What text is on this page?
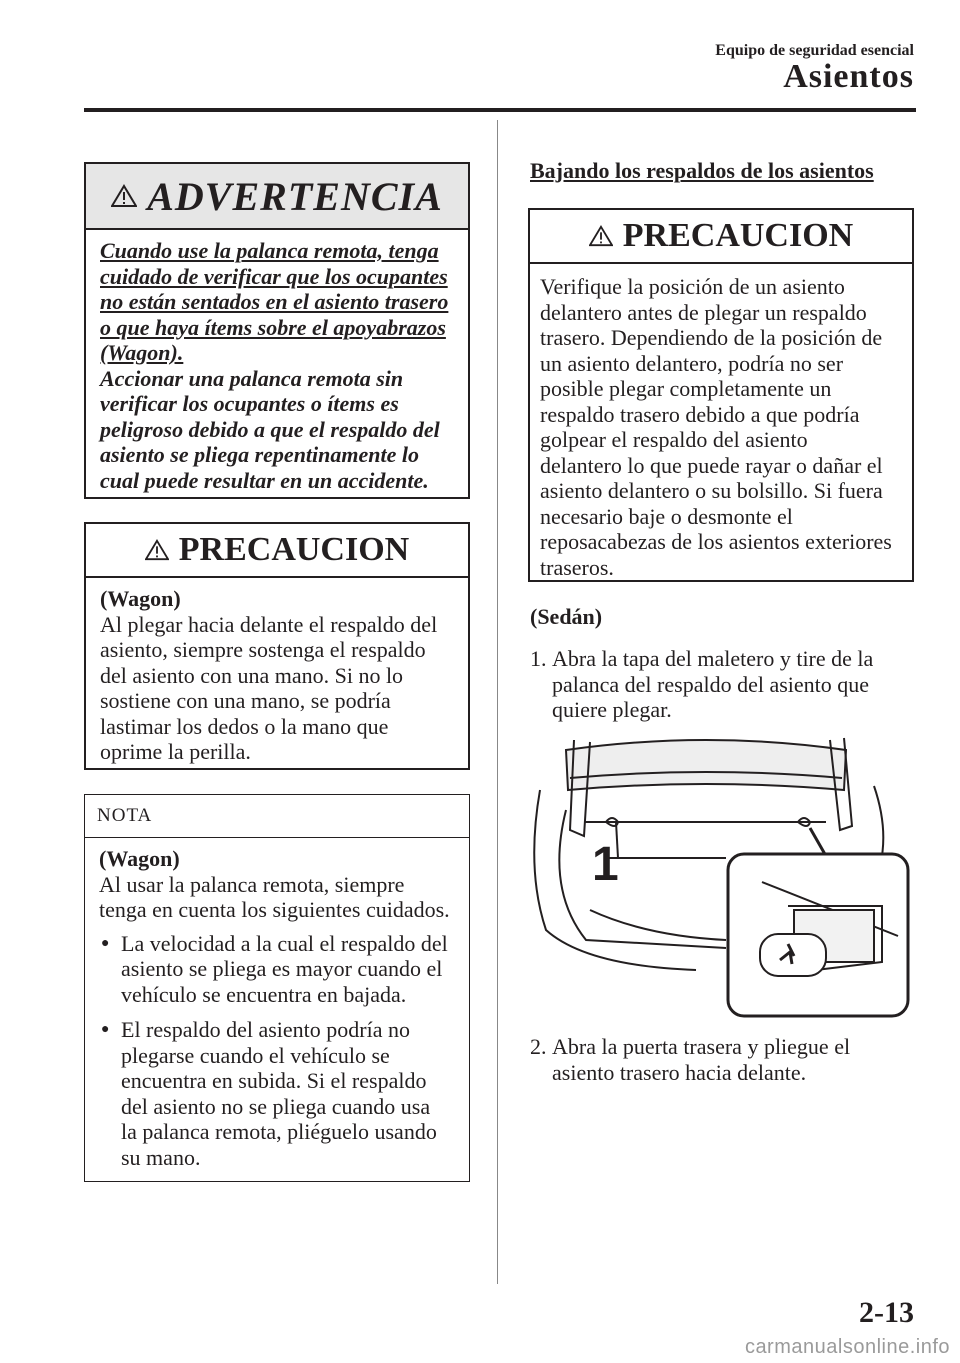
Equipo de seguridad esencial
Asientos
ADVERTENCIA
Cuando use la palanca remota, tenga
cuidado de verificar que los ocupantes
no están sentados en el asiento trasero
o que haya ítems sobre el apoyabrazos
(Wagon).
Accionar una palanca remota sin
verificar los ocupantes o ítems es
peligroso debido a que el respaldo del
asiento se pliega repentinamente lo
cual puede resultar en un accidente.
PRECAUCION
(Wagon)
Al plegar hacia delante el respaldo del
asiento, siempre sostenga el respaldo
del asiento con una mano. Si no lo
sostiene con una mano, se podría
lastimar los dedos o la mano que
oprime la perilla.
NOTA
(Wagon)
Al usar la palanca remota, siempre
tenga en cuenta los siguientes cuidados.
● La velocidad a la cual el respaldo del
asiento se pliega es mayor cuando el
vehículo se encuentra en bajada.
● El respaldo del asiento podría no
plegarse cuando el vehículo se
encuentra en subida. Si el respaldo
del asiento no se pliega cuando usa
la palanca remota, pliéguelo usando
su mano.
Bajando los respaldos de los asientos
PRECAUCION
Verifique la posición de un asiento
delantero antes de plegar un respaldo
trasero. Dependiendo de la posición de
un asiento delantero, podría no ser
posible plegar completamente un
respaldo trasero debido a que podría
golpear el respaldo del asiento
delantero lo que puede rayar o dañar el
asiento delantero o su bolsillo. Si fuera
necesario baje o desmonte el
reposacabezas de los asientos exteriores
traseros.
(Sedán)
1. Abra la tapa del maletero y tire de la
palanca del respaldo del asiento que
quiere plegar.
1
2. Abra la puerta trasera y pliegue el
asiento trasero hacia delante.
2-13
carmanualsonline.info
